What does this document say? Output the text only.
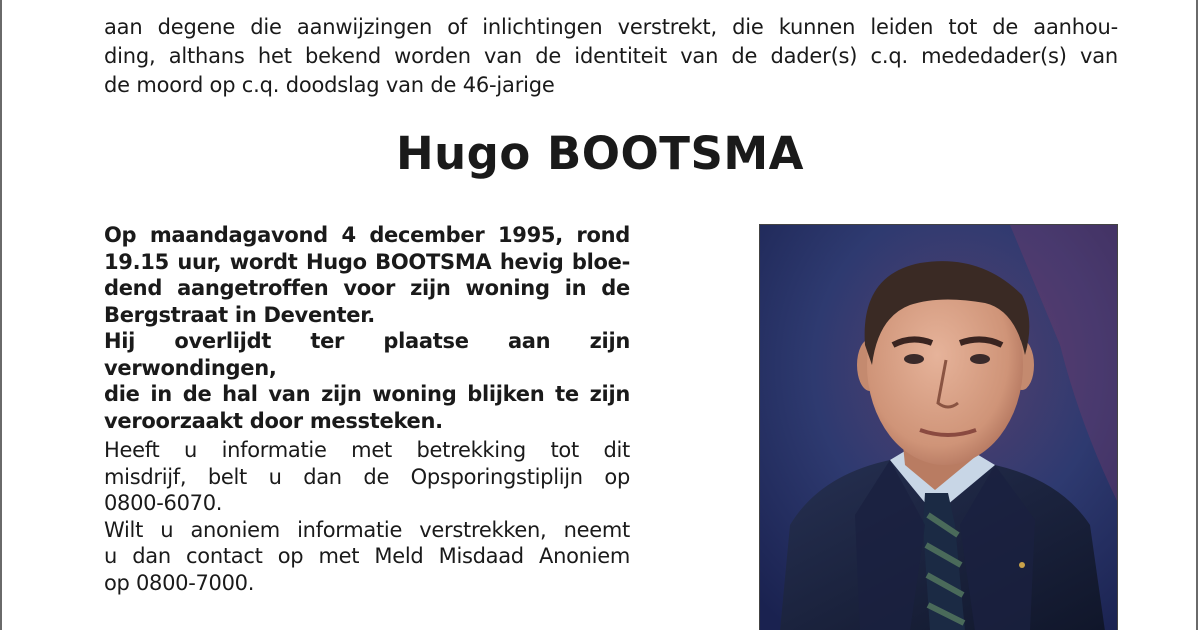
aan degene die aanwijzingen of inlichtingen verstrekt, die kunnen leiden tot de aanhou-
ding, althans het bekend worden van de identiteit van de dader(s) c.q. mededader(s) van
de moord op c.q. doodslag van de 46-jarige

Hugo BOOTSMA
Op maandagavond 4 december 1995, rond
19.15 uur, wordt Hugo BOOTSMA hevig bloe-
dend aangetroffen voor zijn woning in de
Bergstraat in Deventer.
Hij overlijdt ter plaatse aan zijn verwondingen,
die in de hal van zijn woning blijken te zijn
veroorzaakt door messteken.
Heeft u informatie met betrekking tot dit
misdrijf, belt u dan de Opsporingstiplijn op
0800-6070.
Wilt u anoniem informatie verstrekken, neemt
u dan contact op met Meld Misdaad Anoniem
op 0800-7000.
